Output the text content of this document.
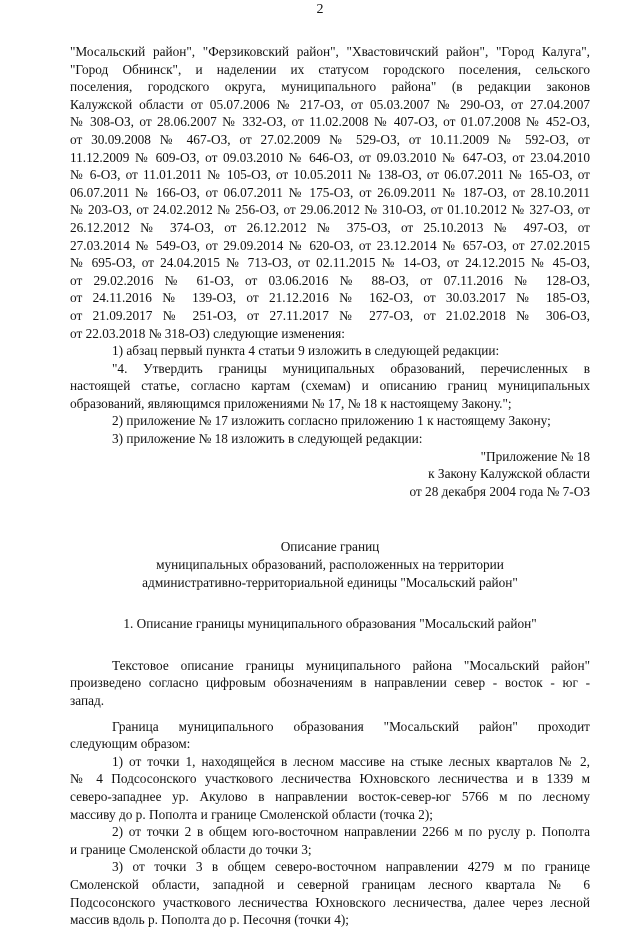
2
"Мосальский район", "Ферзиковский район", "Хвастовичский район", "Город Калуга",
"Город Обнинск", и наделении их статусом городского поселения, сельского
поселения, городского округа, муниципального района" (в редакции законов
Калужской области от 05.07.2006 № 217-ОЗ, от 05.03.2007 № 290-ОЗ, от 27.04.2007
№ 308-ОЗ, от 28.06.2007 № 332-ОЗ, от 11.02.2008 № 407-ОЗ, от 01.07.2008 № 452-ОЗ,
от 30.09.2008 № 467-ОЗ, от 27.02.2009 № 529-ОЗ, от 10.11.2009 № 592-ОЗ, от
11.12.2009 № 609-ОЗ, от 09.03.2010 № 646-ОЗ, от 09.03.2010 № 647-ОЗ, от 23.04.2010
№ 6-ОЗ, от 11.01.2011 № 105-ОЗ, от 10.05.2011 № 138-ОЗ, от 06.07.2011 № 165-ОЗ, от
06.07.2011 № 166-ОЗ, от 06.07.2011 № 175-ОЗ, от 26.09.2011 № 187-ОЗ, от 28.10.2011
№ 203-ОЗ, от 24.02.2012 № 256-ОЗ, от 29.06.2012 № 310-ОЗ, от 01.10.2012 № 327-ОЗ, от
26.12.2012 № 374-ОЗ, от 26.12.2012 № 375-ОЗ, от 25.10.2013 № 497-ОЗ, от
27.03.2014 № 549-ОЗ, от 29.09.2014 № 620-ОЗ, от 23.12.2014 № 657-ОЗ, от 27.02.2015
№ 695-ОЗ, от 24.04.2015 № 713-ОЗ, от 02.11.2015 № 14-ОЗ, от 24.12.2015 № 45-ОЗ,
от 29.02.2016 № 61-ОЗ, от 03.06.2016 № 88-ОЗ, от 07.11.2016 № 128-ОЗ,
от 24.11.2016 № 139-ОЗ, от 21.12.2016 № 162-ОЗ, от 30.03.2017 № 185-ОЗ,
от 21.09.2017 № 251-ОЗ, от 27.11.2017 № 277-ОЗ, от 21.02.2018 № 306-ОЗ,
от 22.03.2018 № 318-ОЗ) следующие изменения:
1) абзац первый пункта 4 статьи 9 изложить в следующей редакции:
"4. Утвердить границы муниципальных образований, перечисленных в
настоящей статье, согласно картам (схемам) и описанию границ муниципальных
образований, являющимся приложениями № 17, № 18 к настоящему Закону.";
2) приложение № 17 изложить согласно приложению 1 к настоящему Закону;
3) приложение № 18 изложить в следующей редакции:
"Приложение № 18
к Закону Калужской области
от 28 декабря 2004 года № 7-ОЗ
Описание границ
муниципальных образований, расположенных на территории
административно-территориальной единицы "Мосальский район"
1. Описание границы муниципального образования "Мосальский район"
Текстовое описание границы муниципального района "Мосальский район"
произведено согласно цифровым обозначениям в направлении север - восток - юг -
запад.
Граница муниципального образования "Мосальский район" проходит
следующим образом:
1) от точки 1, находящейся в лесном массиве на стыке лесных кварталов № 2,
№ 4 Подсосонского участкового лесничества Юхновского лесничества и в 1339 м
северо-западнее ур. Акулово в направлении восток-север-юг 5766 м по лесному
массиву до р. Пополта и границе Смоленской области (точка 2);
2) от точки 2 в общем юго-восточном направлении 2266 м по руслу р. Пополта
и границе Смоленской области до точки 3;
3) от точки 3 в общем северо-восточном направлении 4279 м по границе
Смоленской области, западной и северной границам лесного квартала № 6
Подсосонского участкового лесничества Юхновского лесничества, далее через лесной
массив вдоль р. Пополта до р. Песочня (точки 4);
